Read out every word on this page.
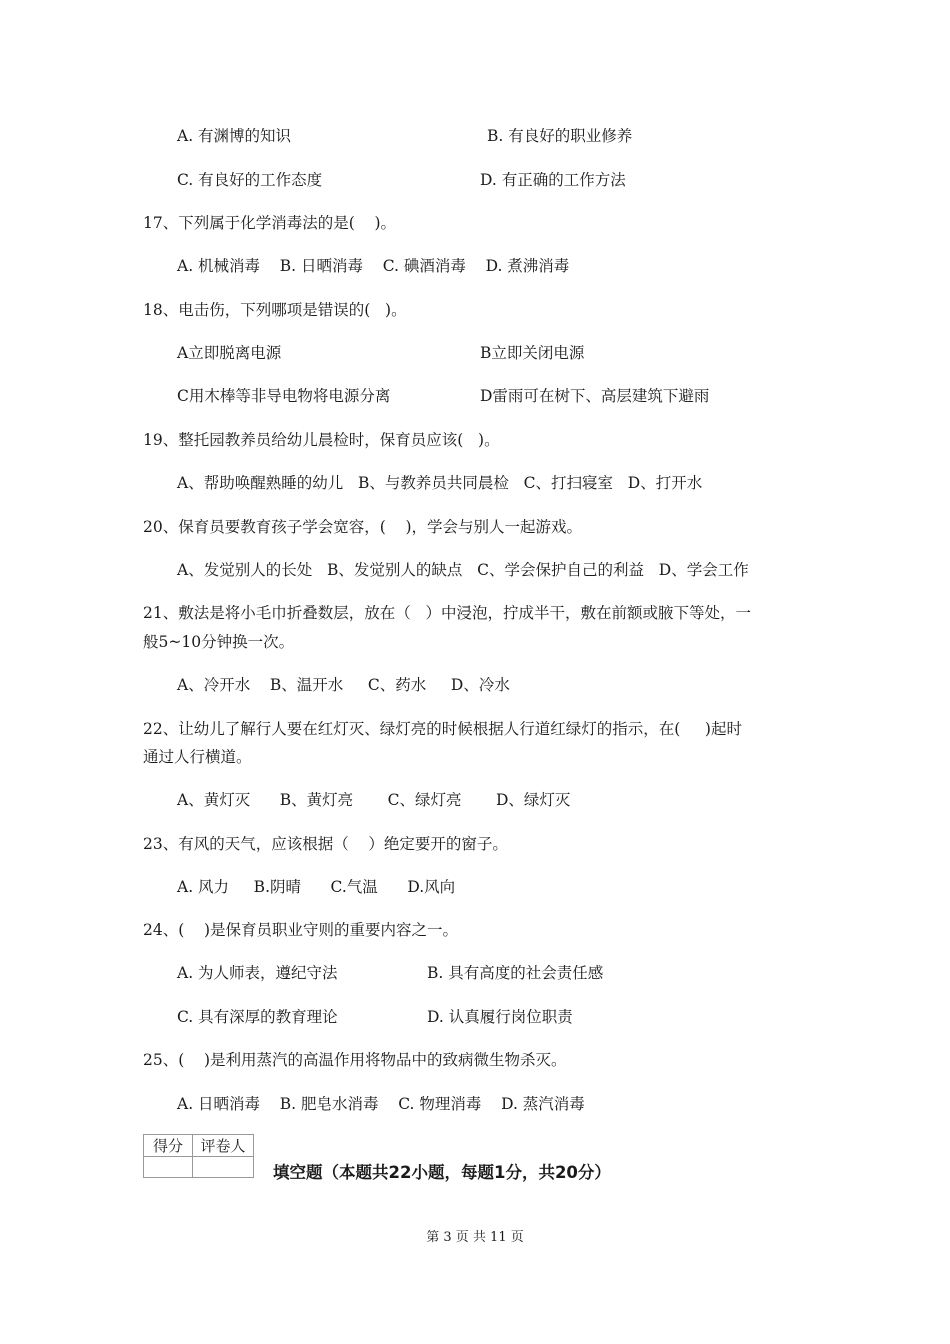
A. 有渊博的知识	B. 有良好的职业修养
C. 有良好的工作态度	D. 有正确的工作方法
17、下列属于化学消毒法的是(    )。
A. 机械消毒    B. 日晒消毒    C. 碘酒消毒    D. 煮沸消毒
18、电击伤，下列哪项是错误的(   )。
A立即脱离电源	B立即关闭电源
C用木棒等非导电物将电源分离	D雷雨可在树下、高层建筑下避雨
19、整托园教养员给幼儿晨检时，保育员应该(   )。
A、帮助唤醒熟睡的幼儿   B、与教养员共同晨检   C、打扫寝室   D、打开水
20、保育员要教育孩子学会宽容，(    )，学会与别人一起游戏。
A、发觉别人的长处   B、发觉别人的缺点   C、学会保护自己的利益   D、学会工作
21、敷法是将小毛巾折叠数层，放在（   ）中浸泡，拧成半干，敷在前额或腋下等处，一
般5~10分钟换一次。
A、冷开水    B、温开水     C、药水     D、冷水
22、让幼儿了解行人要在红灯灭、绿灯亮的时候根据人行道红绿灯的指示，在(     )起时
通过人行横道。
A、黄灯灭      B、黄灯亮       C、绿灯亮       D、绿灯灭
23、有风的天气，应该根据（    ）绝定要开的窗子。
A. 风力     B.阴晴      C.气温      D.风向
24、(    )是保育员职业守则的重要内容之一。
A. 为人师表，遵纪守法	B. 具有高度的社会责任感
C. 具有深厚的教育理论	D. 认真履行岗位职责
25、(    )是利用蒸汽的高温作用将物品中的致病微生物杀灭。
A. 日晒消毒    B. 肥皂水消毒    C. 物理消毒    D. 蒸汽消毒
得分	评卷人

填空题（本题共22小题，每题1分，共20分）
第 3 页 共 11 页
